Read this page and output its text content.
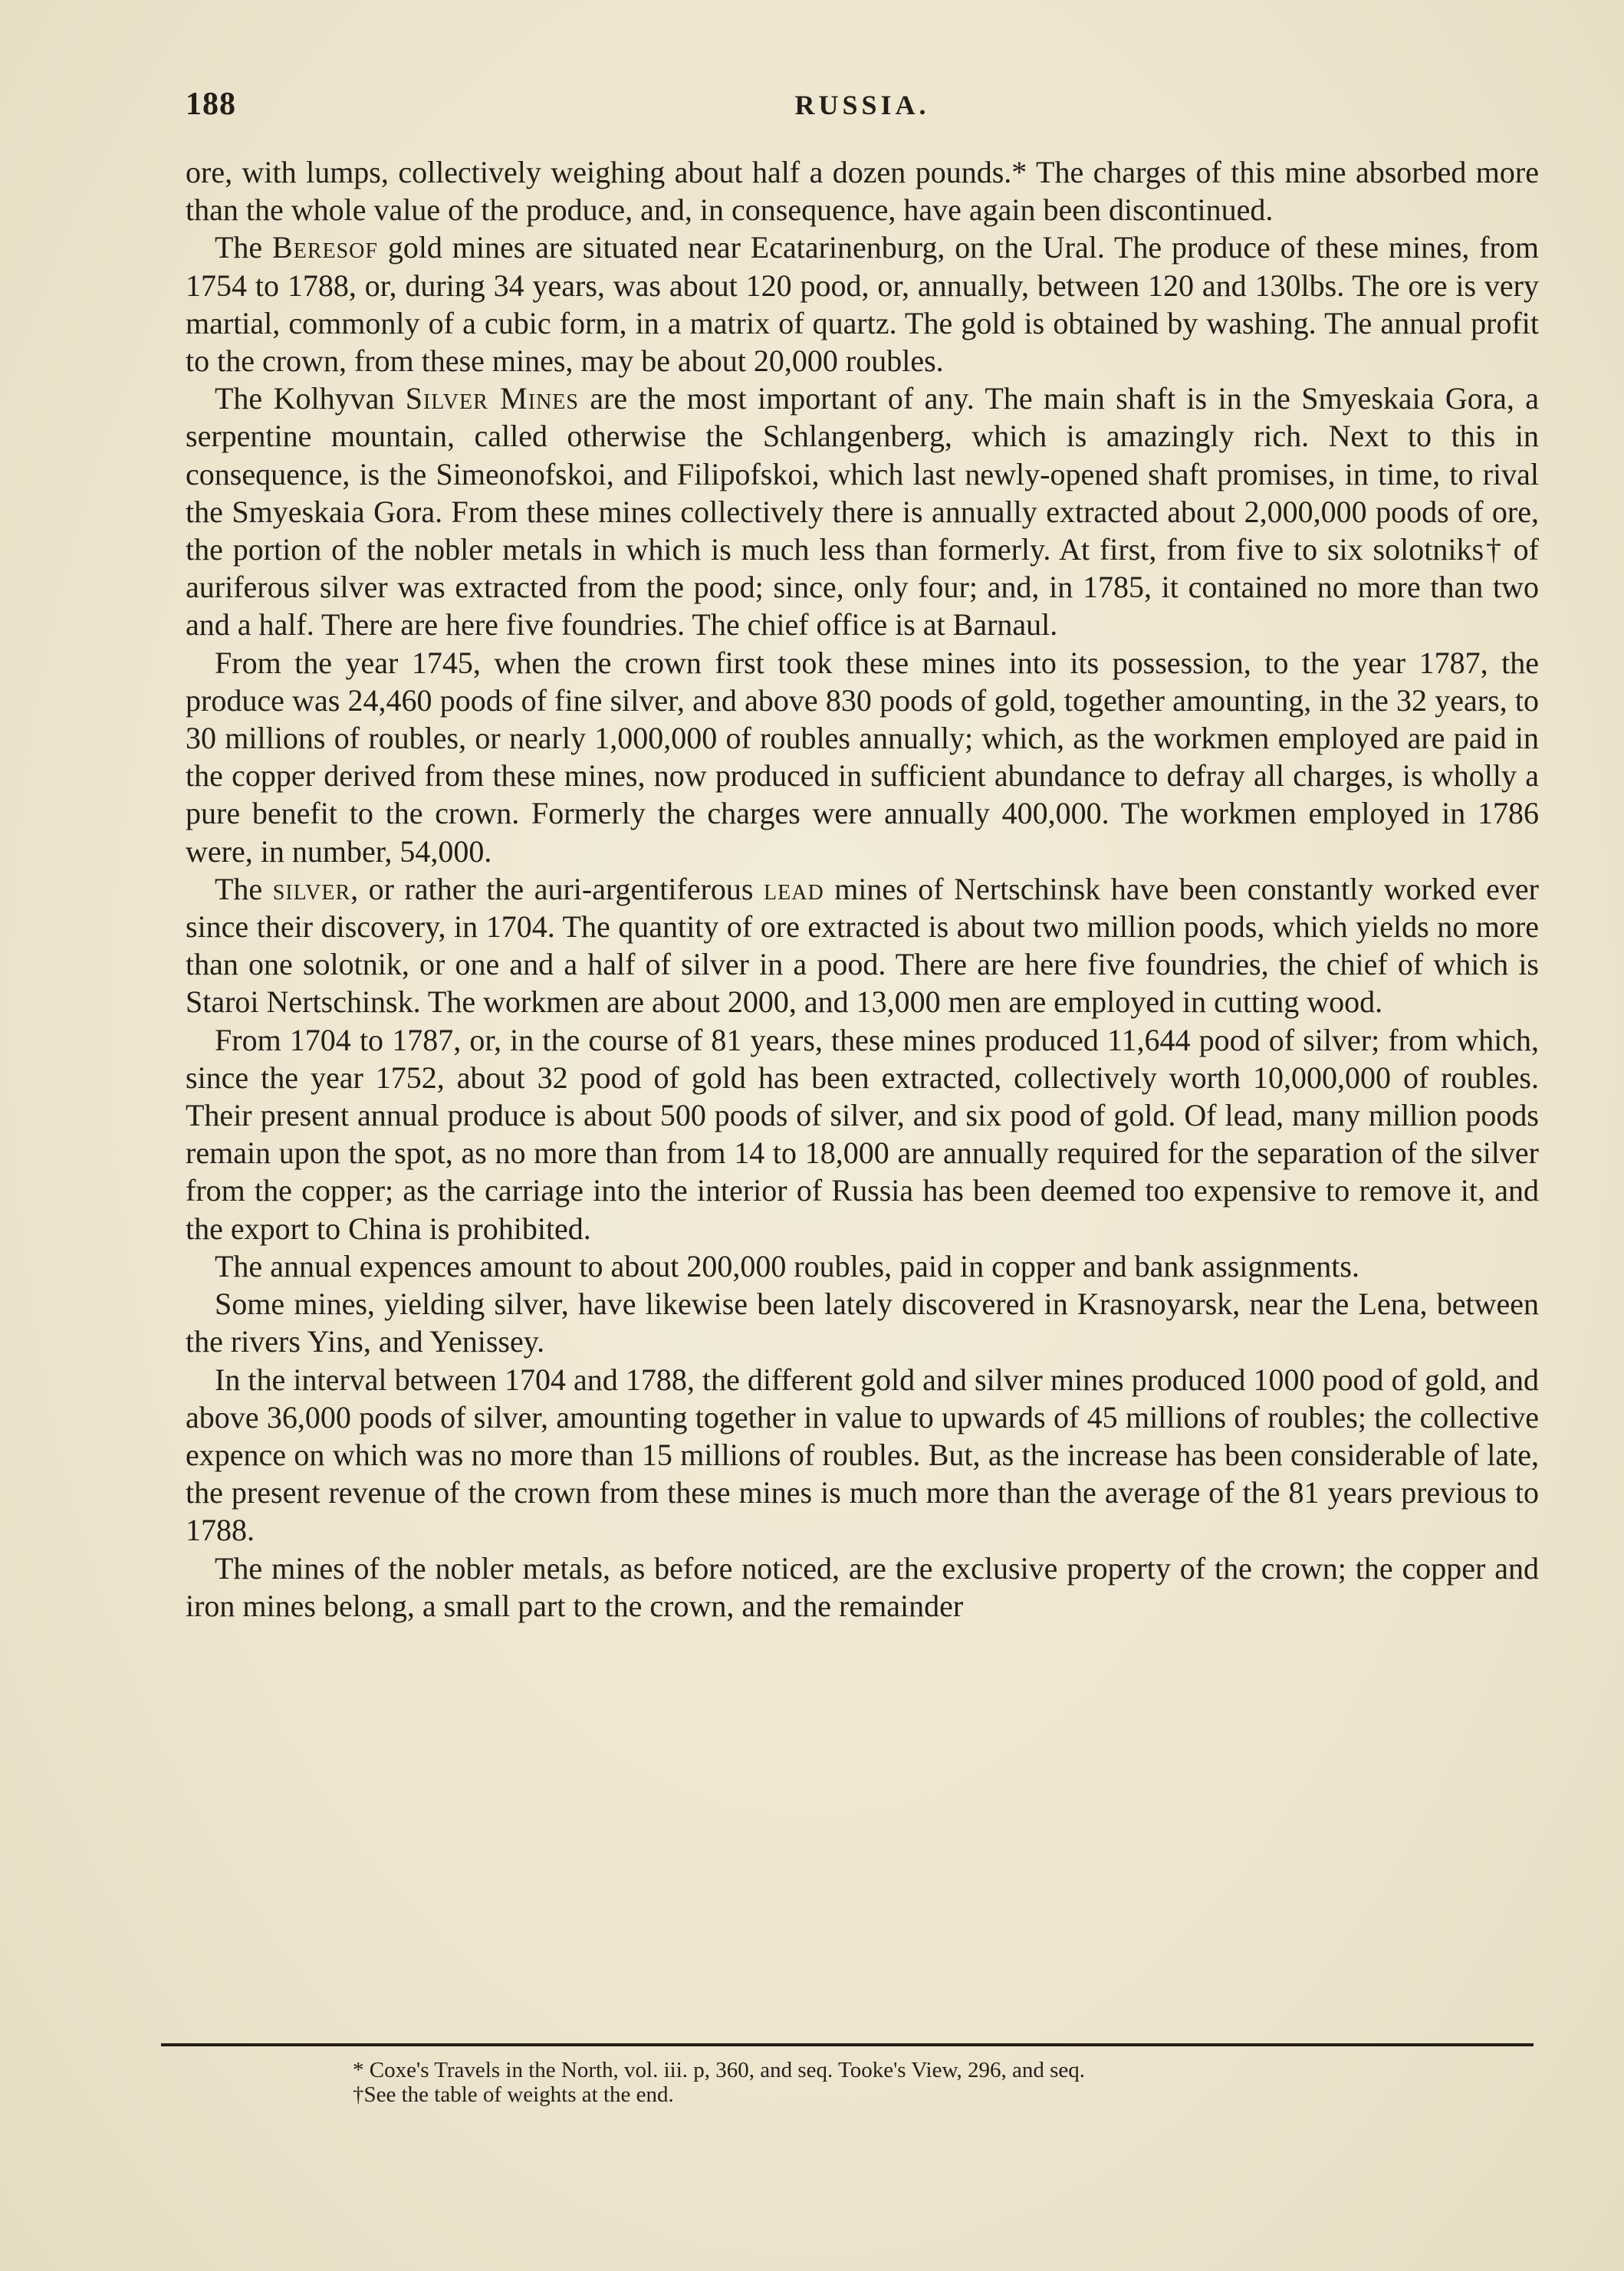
188	RUSSIA.

ore, with lumps, collectively weighing about half a dozen pounds.* The charges of this mine absorbed more than the whole value of the produce, and, in consequence, have again been discontinued.

The Beresof gold mines are situated near Ecatarinenburg, on the Ural. The produce of these mines, from 1754 to 1788, or, during 34 years, was about 120 pood, or, annually, between 120 and 130lbs. The ore is very martial, commonly of a cubic form, in a matrix of quartz. The gold is obtained by washing. The annual profit to the crown, from these mines, may be about 20,000 roubles.

The Kolhyvan Silver Mines are the most important of any. The main shaft is in the Smyeskaia Gora, a serpentine mountain, called otherwise the Schlangenberg, which is amazingly rich. Next to this in consequence, is the Simeonofskoi, and Filipofskoi, which last newly-opened shaft promises, in time, to rival the Smyeskaia Gora. From these mines collectively there is annually extracted about 2,000,000 poods of ore, the portion of the nobler metals in which is much less than formerly. At first, from five to six solotniks† of auriferous silver was extracted from the pood; since, only four; and, in 1785, it contained no more than two and a half. There are here five foundries. The chief office is at Barnaul.

From the year 1745, when the crown first took these mines into its possession, to the year 1787, the produce was 24,460 poods of fine silver, and above 830 poods of gold, together amounting, in the 32 years, to 30 millions of roubles, or nearly 1,000,000 of roubles annually; which, as the workmen employed are paid in the copper derived from these mines, now produced in sufficient abundance to defray all charges, is wholly a pure benefit to the crown. Formerly the charges were annually 400,000. The workmen employed in 1786 were, in number, 54,000.

The silver, or rather the auri-argentiferous lead mines of Nertschinsk have been constantly worked ever since their discovery, in 1704. The quantity of ore extracted is about two million poods, which yields no more than one solotnik, or one and a half of silver in a pood. There are here five foundries, the chief of which is Staroi Nertschinsk. The workmen are about 2000, and 13,000 men are employed in cutting wood.

From 1704 to 1787, or, in the course of 81 years, these mines produced 11,644 pood of silver; from which, since the year 1752, about 32 pood of gold has been extracted, collectively worth 10,000,000 of roubles. Their present annual produce is about 500 poods of silver, and six pood of gold. Of lead, many million poods remain upon the spot, as no more than from 14 to 18,000 are annually required for the separation of the silver from the copper; as the carriage into the interior of Russia has been deemed too expensive to remove it, and the export to China is prohibited.

The annual expences amount to about 200,000 roubles, paid in copper and bank assignments.

Some mines, yielding silver, have likewise been lately discovered in Krasnoyarsk, near the Lena, between the rivers Yins, and Yenissey.

In the interval between 1704 and 1788, the different gold and silver mines produced 1000 pood of gold, and above 36,000 poods of silver, amounting together in value to upwards of 45 millions of roubles; the collective expence on which was no more than 15 millions of roubles. But, as the increase has been considerable of late, the present revenue of the crown from these mines is much more than the average of the 81 years previous to 1788.

The mines of the nobler metals, as before noticed, are the exclusive property of the crown; the copper and iron mines belong, a small part to the crown, and the remainder

* Coxe's Travels in the North, vol. iii. p, 360, and seq. Tooke's View, 296, and seq.

†See the table of weights at the end.
